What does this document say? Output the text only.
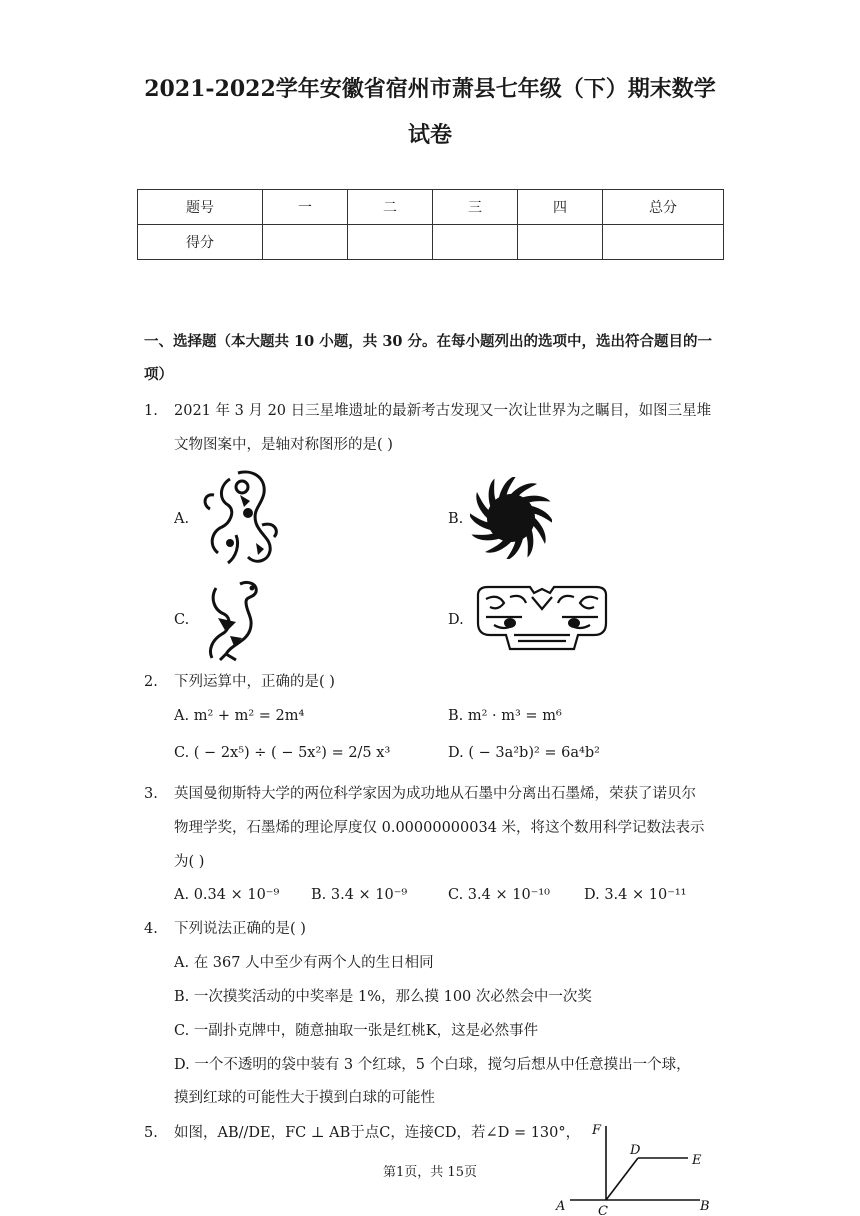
2021-2022学年安徽省宿州市萧县七年级（下）期末数学
试卷
题号	一	二	三	四	总分
得分					
一、选择题（本大题共 10 小题，共 30 分。在每小题列出的选项中，选出符合题目的一
项）
1. 2021 年 3 月 20 日三星堆遗址的最新考古发现又一次让世界为之瞩目，如图三星堆
文物图案中，是轴对称图形的是( )
A.	B.
C.	D.
2. 下列运算中，正确的是( )
A. m² + m² = 2m⁴	B. m² · m³ = m⁶
C. ( − 2x⁵) ÷ ( − 5x²) = 2/5 x³	D. ( − 3a²b)² = 6a⁴b²
3. 英国曼彻斯特大学的两位科学家因为成功地从石墨中分离出石墨烯，荣获了诺贝尔
物理学奖，石墨烯的理论厚度仅 0.00000000034 米，将这个数用科学记数法表示
为( )
A. 0.34 × 10⁻⁹ B. 3.4 × 10⁻⁹	C. 3.4 × 10⁻¹⁰ D. 3.4 × 10⁻¹¹
4. 下列说法正确的是( )
A. 在 367 人中至少有两个人的生日相同
B. 一次摸奖活动的中奖率是 1%，那么摸 100 次必然会中一次奖
C. 一副扑克牌中，随意抽取一张是红桃K，这是必然事件
D. 一个不透明的袋中装有 3 个红球，5 个白球，搅匀后想从中任意摸出一个球，
摸到红球的可能性大于摸到白球的可能性
5. 如图，AB//DE，FC ⊥ AB于点C，连接CD，若∠D = 130°， F
D
E
A	C	B
第1页，共 15页
